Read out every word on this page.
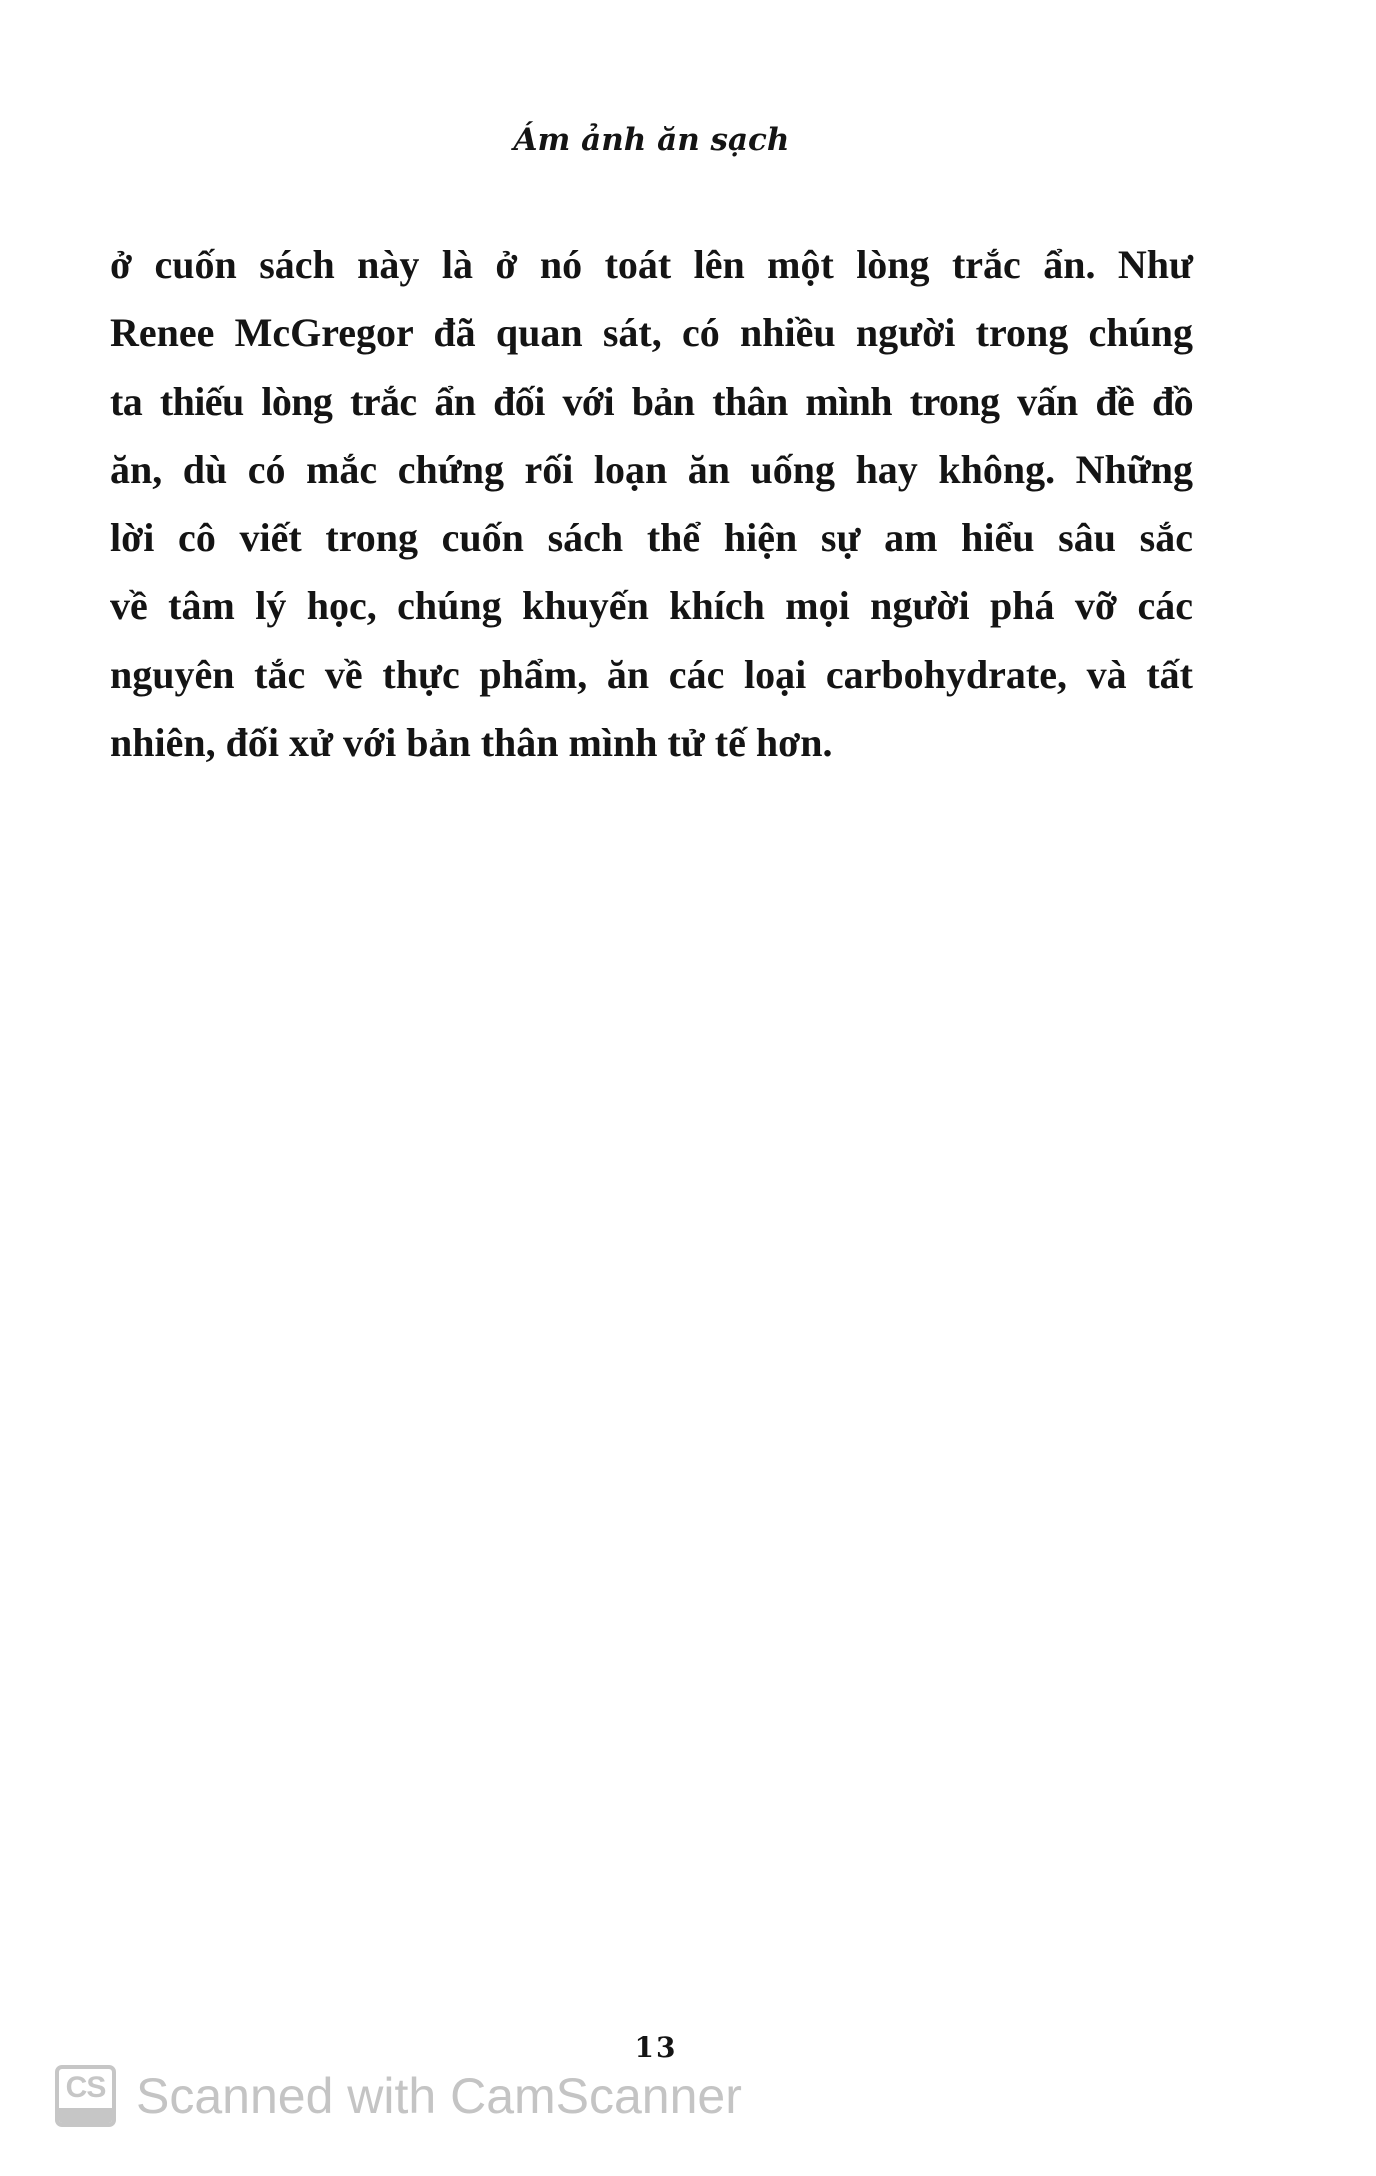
Ám ảnh ăn sạch
ở cuốn sách này là ở nó toát lên một lòng trắc ẩn. Như
Renee McGregor đã quan sát, có nhiều người trong chúng
ta thiếu lòng trắc ẩn đối với bản thân mình trong vấn đề đồ
ăn, dù có mắc chứng rối loạn ăn uống hay không. Những
lời cô viết trong cuốn sách thể hiện sự am hiểu sâu sắc
về tâm lý học, chúng khuyến khích mọi người phá vỡ các
nguyên tắc về thực phẩm, ăn các loại carbohydrate, và tất
nhiên, đối xử với bản thân mình tử tế hơn.
13
CS Scanned with CamScanner
